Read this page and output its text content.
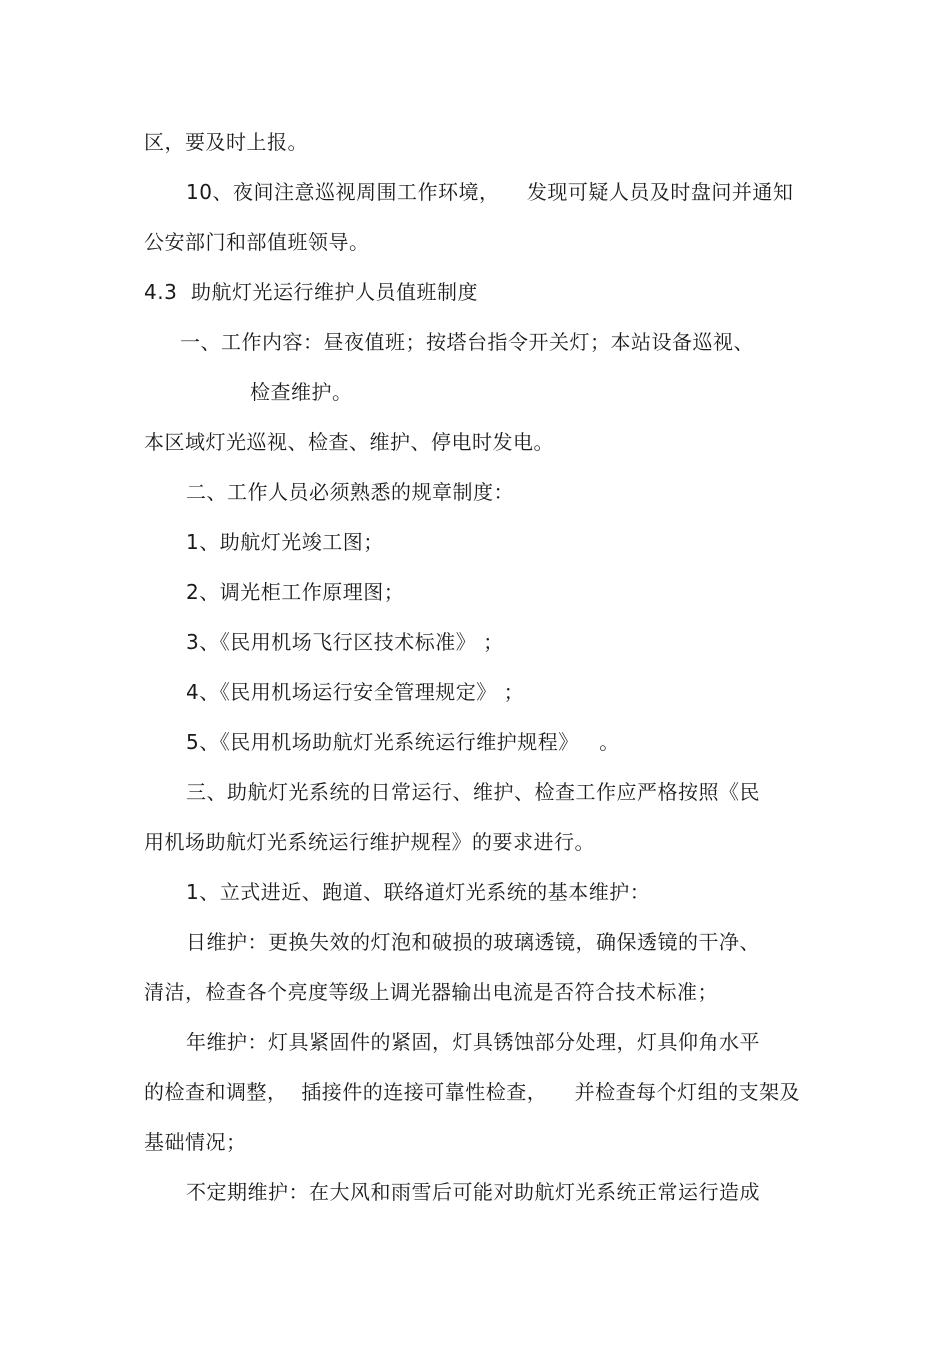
区，要及时上报。
10、夜间注意巡视周围工作环境，    发现可疑人员及时盘问并通知
公安部门和部值班领导。
4.3  助航灯光运行维护人员值班制度
一、工作内容：昼夜值班；按塔台指令开关灯；本站设备巡视、
检查维护。
本区域灯光巡视、检查、维护、停电时发电。
二、工作人员必须熟悉的规章制度：
1、助航灯光竣工图；
2、调光柜工作原理图；
3、《民用机场飞行区技术标准》 ；
4、《民用机场运行安全管理规定》 ；
5、《民用机场助航灯光系统运行维护规程》   。
三、助航灯光系统的日常运行、维护、检查工作应严格按照《民
用机场助航灯光系统运行维护规程》的要求进行。
1、立式进近、跑道、联络道灯光系统的基本维护：
日维护：更换失效的灯泡和破损的玻璃透镜，确保透镜的干净、
清洁，检查各个亮度等级上调光器输出电流是否符合技术标准；
年维护：灯具紧固件的紧固，灯具锈蚀部分处理，灯具仰角水平
的检查和调整，  插接件的连接可靠性检查，    并检查每个灯组的支架及
基础情况；
不定期维护：在大风和雨雪后可能对助航灯光系统正常运行造成
